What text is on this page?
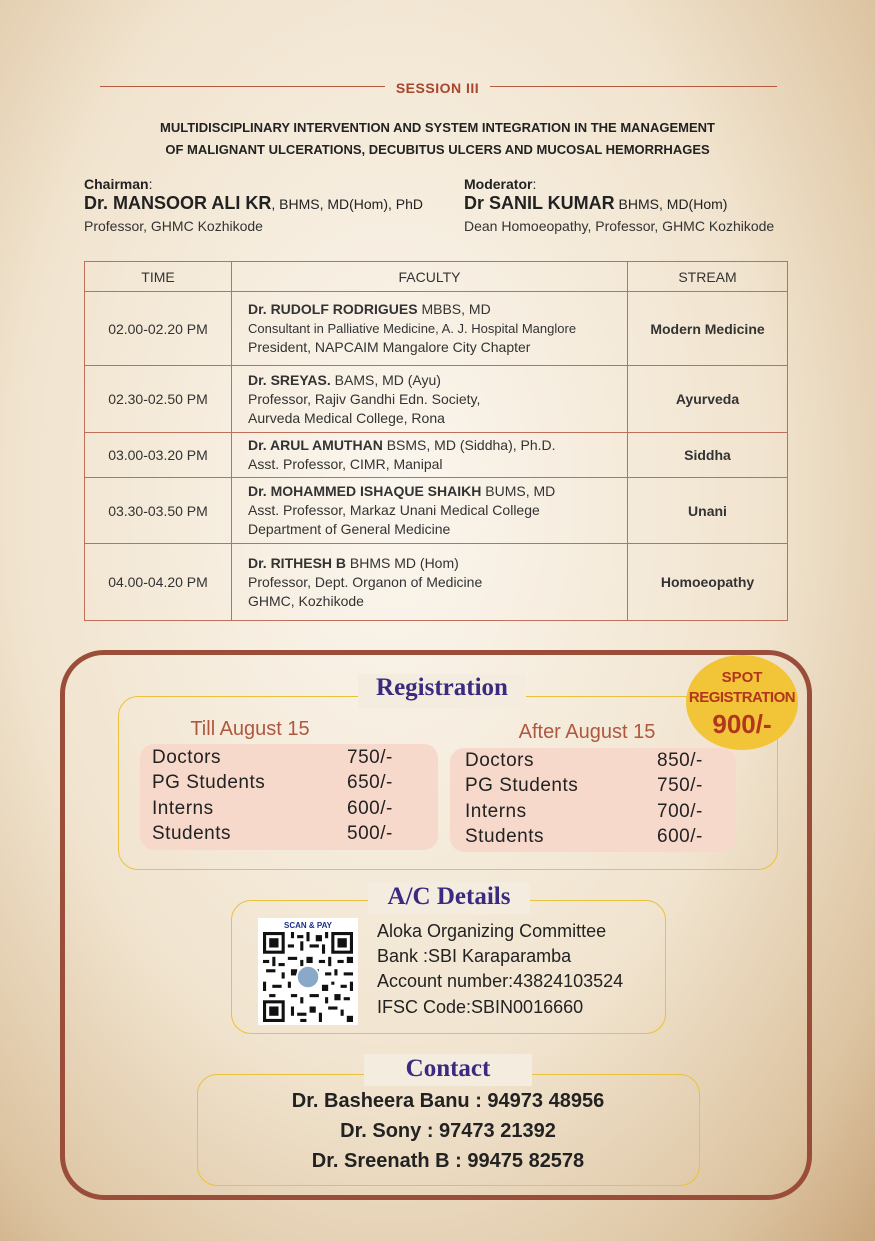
SESSION III
MULTIDISCIPLINARY INTERVENTION AND SYSTEM INTEGRATION IN THE MANAGEMENT
OF MALIGNANT ULCERATIONS, DECUBITUS ULCERS AND MUCOSAL HEMORRHAGES
Chairman:
Dr. MANSOOR ALI KR, BHMS, MD(Hom), PhD
Professor, GHMC Kozhikode
Moderator:
Dr SANIL KUMAR BHMS, MD(Hom)
Dean Homoeopathy, Professor, GHMC Kozhikode
TIME	FACULTY	STREAM
02.00-02.20 PM	Dr. RUDOLF RODRIGUES MBBS, MD
Consultant in Palliative Medicine, A. J. Hospital Manglore
President, NAPCAIM Mangalore City Chapter	Modern Medicine
02.30-02.50 PM	Dr. SREYAS. BAMS, MD (Ayu)
Professor, Rajiv Gandhi Edn. Society,
Aurveda Medical College, Rona	Ayurveda
03.00-03.20 PM	Dr. ARUL AMUTHAN BSMS, MD (Siddha), Ph.D.
Asst. Professor, CIMR, Manipal	Siddha
03.30-03.50 PM	Dr. MOHAMMED ISHAQUE SHAIKH BUMS, MD
Asst. Professor, Markaz Unani Medical College
Department of General Medicine	Unani
04.00-04.20 PM	Dr. RITHESH B BHMS MD (Hom)
Professor, Dept. Organon of Medicine
GHMC, Kozhikode	Homoeopathy
Registration
Till August 15
Doctors	750/-
PG Students	650/-
Interns	600/-
Students	500/-
After August 15
Doctors	850/-
PG Students	750/-
Interns	700/-
Students	600/-
SPOT
REGISTRATION
900/-
A/C Details
SCAN & PAY	Aloka Organizing Committee
Bank :SBI Karaparamba
Account number:43824103524
IFSC Code:SBIN0016660
Contact
Dr. Basheera Banu : 94973 48956
Dr. Sony : 97473 21392
Dr. Sreenath B : 99475 82578
